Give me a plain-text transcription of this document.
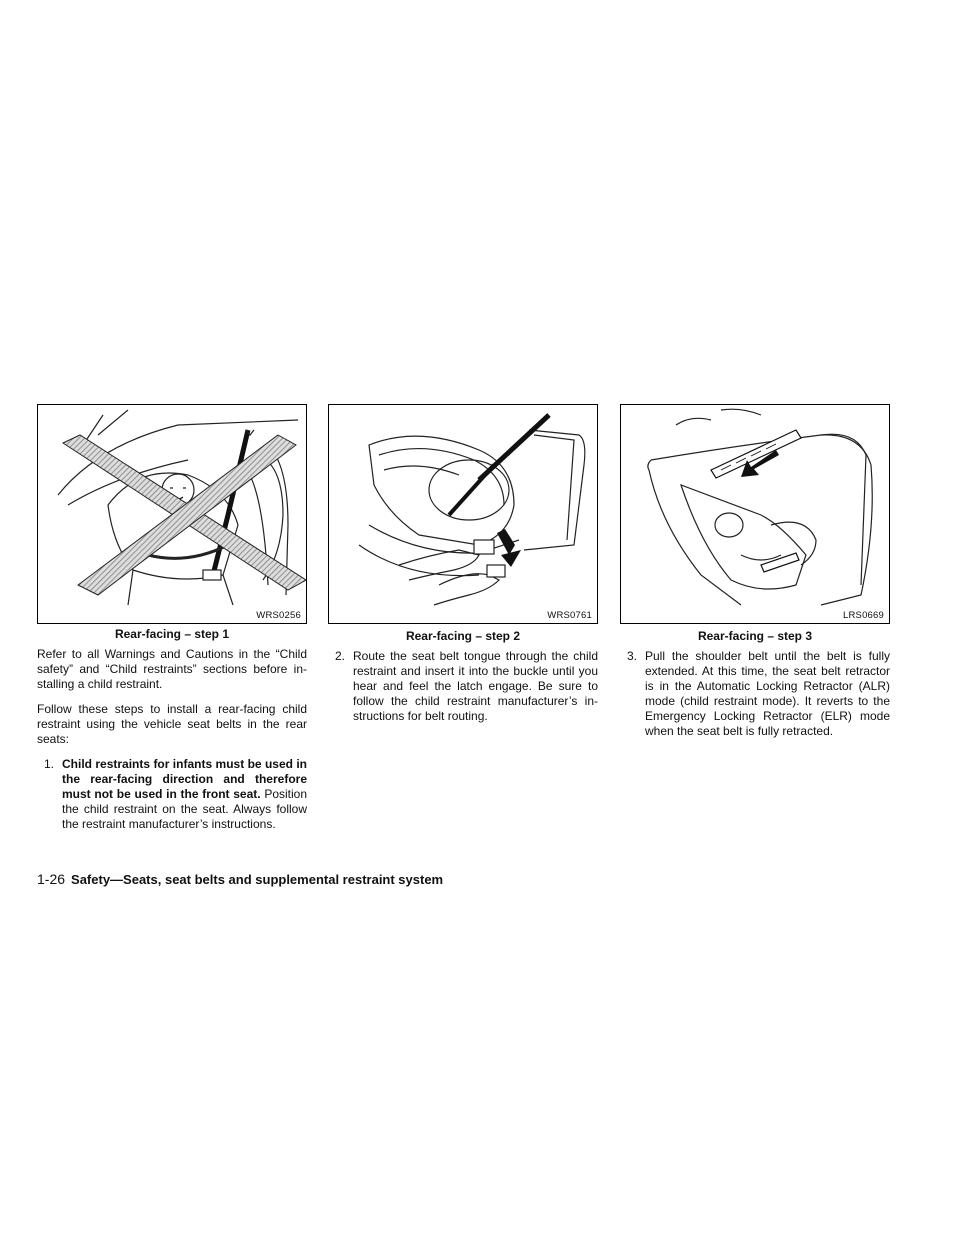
WRS0256
Rear-facing – step 1

Refer to all Warnings and Cautions in the “Child safety” and “Child restraints” sections before in- stalling a child restraint.

Follow these steps to install a rear-facing child restraint using the vehicle seat belts in the rear seats:

1. Child restraints for infants must be used in the rear-facing direction and therefore must not be used in the front seat. Position the child restraint on the seat. Always follow the restraint manufacturer’s instructions.
WRS0761
Rear-facing – step 2
2. Route the seat belt tongue through the child restraint and insert it into the buckle until you hear and feel the latch engage. Be sure to follow the child restraint manufacturer’s in- structions for belt routing.
LRS0669
Rear-facing – step 3
3. Pull the shoulder belt until the belt is fully extended. At this time, the seat belt retractor is in the Automatic Locking Retractor (ALR) mode (child restraint mode). It reverts to the Emergency Locking Retractor (ELR) mode when the seat belt is fully retracted.
1-26 Safety—Seats, seat belts and supplemental restraint system
